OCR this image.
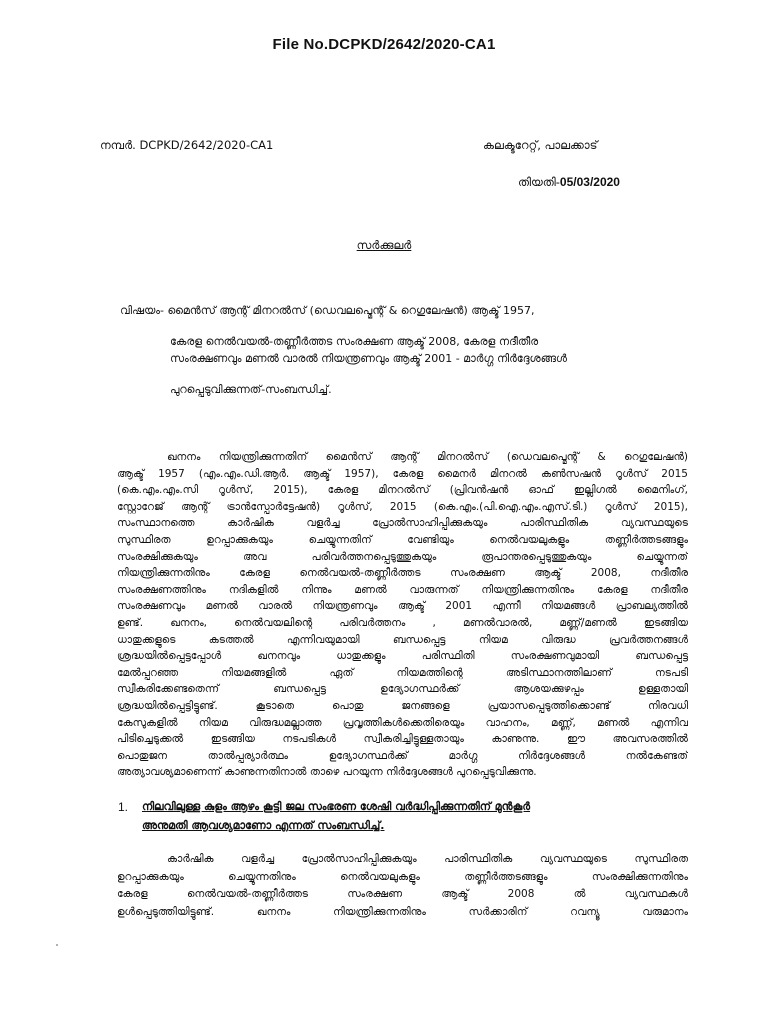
File No.DCPKD/2642/2020-CA1
നമ്പർ. DCPKD/2642/2020-CA1	കലക്ടറേറ്റ്, പാലക്കാട്
തിയതി-05/03/2020
സർക്കുലർ
വിഷയം- മൈൻസ് ആന്റ് മിനറൽസ് (ഡെവലപ്മെന്റ് & റെഗുലേഷൻ) ആക്ട് 1957,
കേരള നെൽവയൽ-തണ്ണീർത്തട സംരക്ഷണ ആക്ട് 2008, കേരള നദീതീര
സംരക്ഷണവും മണൽ വാരൽ നിയന്ത്രണവും ആക്ട് 2001 - മാർഗ്ഗ നിർദ്ദേശങ്ങൾ
പുറപ്പെടുവിക്കുന്നത്-സംബന്ധിച്ച്.
ഖനനം നിയന്ത്രിക്കുന്നതിന് മൈൻസ് ആന്റ് മിനറൽസ് (ഡെവലപ്മെന്റ് & റെഗുലേഷൻ)
ആക്ട് 1957 (എം.എം.ഡി.ആർ. ആക്ട് 1957), കേരള മൈനർ മിനറൽ കൺസഷൻ റൂൾസ് 2015
(കെ.എം.എം.സി റൂൾസ്, 2015), കേരള മിനറൽസ് (പ്രിവൻഷൻ ഓഫ് ഇല്ലിഗൽ മൈനിംഗ്,
സ്റ്റോറേജ് ആന്റ് ട്രാൻസ്പോർട്ടേഷൻ) റൂൾസ്, 2015 (കെ.എം.(പി.ഐ.എം.എസ്.ടി.) റൂൾസ് 2015),
സംസ്ഥാനത്തെ കാർഷിക വളർച്ച പ്രോൽസാഹിപ്പിക്കുകയും പാരിസ്ഥിതിക വ്യവസ്ഥയുടെ
സുസ്ഥിരത ഉറപ്പാക്കുകയും ചെയ്യുന്നതിന് വേണ്ടിയും നെൽവയലുകളും തണ്ണീർത്തടങ്ങളും
സംരക്ഷിക്കുകയും അവ പരിവർത്തനപ്പെടുത്തുകയും രൂപാന്തരപ്പെടുത്തുകയും ചെയ്യുന്നത്
നിയന്ത്രിക്കുന്നതിനും കേരള നെൽവയൽ-തണ്ണീർത്തട സംരക്ഷണ ആക്ട് 2008, നദീതീര
സംരക്ഷണത്തിനും നദികളിൽ നിന്നും മണൽ വാരുന്നത് നിയന്ത്രിക്കുന്നതിനും കേരള നദീതീര
സംരക്ഷണവും മണൽ വാരൽ നിയന്ത്രണവും ആക്ട് 2001 എന്നീ നിയമങ്ങൾ പ്രാബല്യത്തിൽ
ഉണ്ട്. ഖനനം, നെൽവയലിന്റെ പരിവർത്തനം , മണൽവാരൽ, മണ്ണ്/മണൽ ഇടങ്ങിയ
ധാതുക്കളുടെ കടത്തൽ എന്നിവയുമായി ബന്ധപ്പെട്ട നിയമ വിരുദ്ധ പ്രവർത്തനങ്ങൾ
ശ്രദ്ധയിൽപ്പെട്ടപ്പോൾ ഖനനവും ധാതുക്കളും പരിസ്ഥിതി സംരക്ഷണവുമായി ബന്ധപ്പെട്ട
മേൽപ്പറഞ്ഞ നിയമങ്ങളിൽ ഏത് നിയമത്തിന്റെ അടിസ്ഥാനത്തിലാണ് നടപടി
സ്വീകരിക്കേണ്ടതെന്ന് ബന്ധപ്പെട്ട ഉദ്യോഗസ്ഥർക്ക് ആശയക്കുഴപ്പം ഉള്ളതായി
ശ്രദ്ധയിൽപ്പെട്ടിട്ടുണ്ട്. കൂടാതെ പൊതു ജനങ്ങളെ പ്രയാസപ്പെടുത്തിക്കൊണ്ട് നിരവധി
കേസുകളിൽ നിയമ വിരുദ്ധമല്ലാത്ത പ്രവൃത്തികൾക്കെതിരെയും വാഹനം, മണ്ണ്, മണൽ എന്നിവ
പിടിച്ചെടുക്കൽ ഇടങ്ങിയ നടപടികൾ സ്വീകരിച്ചിട്ടുള്ളതായും കാണുന്നു. ഈ അവസരത്തിൽ
പൊതുജന താൽപ്പര്യാർത്ഥം ഉദ്യോഗസ്ഥർക്ക് മാർഗ്ഗ നിർദ്ദേശങ്ങൾ നൽകേണ്ടത്
അത്യാവശ്യമാണെന്ന് കാണുന്നതിനാൽ താഴെ പറയുന്ന നിർദ്ദേശങ്ങൾ പുറപ്പെടുവിക്കുന്നു.
1. നിലവിലുള്ള കുളം ആഴം കൂട്ടി ജല സംഭരണ ശേഷി വർദ്ധിപ്പിക്കുന്നതിന് മുൻകൂർ
അനുമതി ആവശ്യമാണോ എന്നത് സംബന്ധിച്ച്.
കാർഷിക വളർച്ച പ്രോൽസാഹിപ്പിക്കുകയും പാരിസ്ഥിതിക വ്യവസ്ഥയുടെ സുസ്ഥിരത
ഉറപ്പാക്കുകയും ചെയ്യുന്നതിനും നെൽവയലുകളും തണ്ണീർത്തടങ്ങളും സംരക്ഷിക്കുന്നതിനും
കേരള നെൽവയൽ-തണ്ണീർത്തട സംരക്ഷണ ആക്ട് 2008 ൽ വ്യവസ്ഥകൾ
ഉൾപ്പെടുത്തിയിട്ടുണ്ട്. ഖനനം നിയന്ത്രിക്കുന്നതിനും സർക്കാരിന് റവന്യൂ വരുമാനം
